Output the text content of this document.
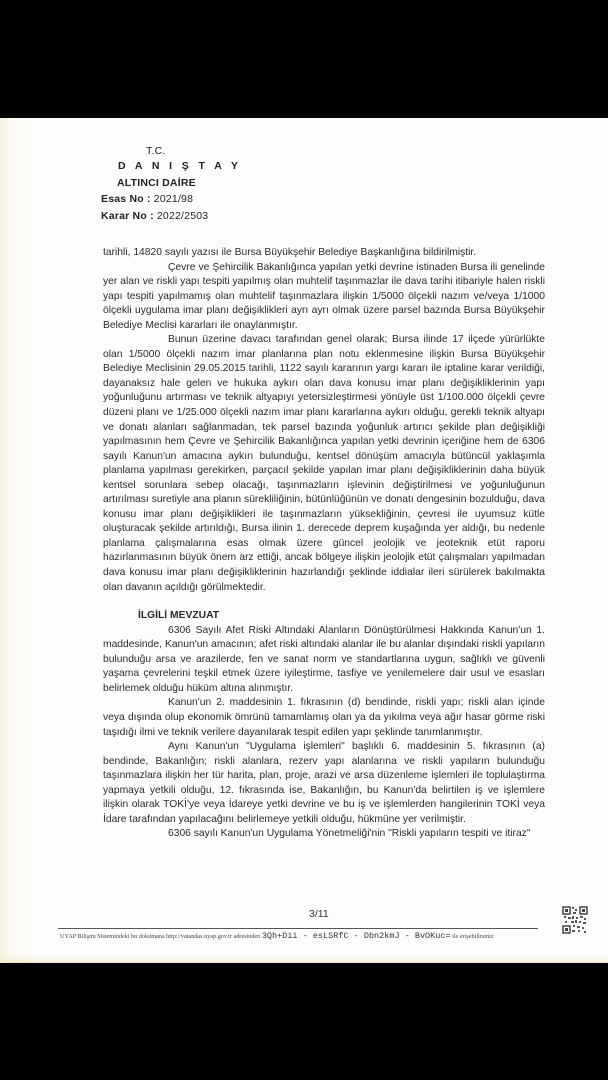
T.C.
D A N I Ş T A Y
ALTINCI DAİRE
Esas No : 2021/98
Karar No : 2022/2503

tarihli, 14820 sayılı yazısı ile Bursa Büyükşehir Belediye Başkanlığına bildirilmiştir.

Çevre ve Şehircilik Bakanlığınca yapılan yetki devrine istinaden Bursa ili genelinde yer alan ve riskli yapı tespiti yapılmış olan muhtelif taşınmazlar ile dava tarihi itibariyle halen riskli yapı tespiti yapılmamış olan muhtelif taşınmazlara ilişkin 1/5000 ölçekli nazım ve/veya 1/1000 ölçekli uygulama imar planı değişiklikleri ayrı ayrı olmak üzere parsel bazında Bursa Büyükşehir Belediye Meclisi kararları ile onaylanmıştır.

Bunun üzerine davacı tarafından genel olarak; Bursa ilinde 17 ilçede yürürlükte olan 1/5000 ölçekli nazım imar planlarına plan notu eklenmesine ilişkin Bursa Büyükşehir Belediye Meclisinin 29.05.2015 tarihli, 1122 sayılı kararının yargı kararı ile iptaline karar verildiği, dayanaksız hale gelen ve hukuka aykırı olan dava konusu imar planı değişikliklerinin yapı yoğunluğunu artırması ve teknik altyapıyı yetersizleştirmesi yönüyle üst 1/100.000 ölçekli çevre düzeni planı ve 1/25.000 ölçekli nazım imar planı kararlarına aykırı olduğu, gerekli teknik altyapı ve donatı alanları sağlanmadan, tek parsel bazında yoğunluk artırıcı şekilde plan değişikliği yapılmasının hem Çevre ve Şehircilik Bakanlığınca yapılan yetki devrinin içeriğine hem de 6306 sayılı Kanun'un amacına aykırı bulunduğu, kentsel dönüşüm amacıyla bütüncül yaklaşımla planlama yapılması gerekirken, parçacıl şekilde yapılan imar planı değişikliklerinin daha büyük kentsel sorunlara sebep olacağı, taşınmazların işlevinin değiştirilmesi ve yoğunluğunun artırılması suretiyle ana planın sürekliliğinin, bütünlüğünün ve donatı dengesinin bozulduğu, dava konusu imar planı değişiklikleri ile taşınmazların yüksekliğinin, çevresi ile uyumsuz kütle oluşturacak şekilde artırıldığı, Bursa ilinin 1. derecede deprem kuşağında yer aldığı, bu nedenle planlama çalışmalarına esas olmak üzere güncel jeolojik ve jeoteknik etüt raporu hazırlanmasının büyük önem arz ettiği, ancak bölgeye ilişkin jeolojik etüt çalışmaları yapılmadan dava konusu imar planı değişikliklerinin hazırlandığı şeklinde iddialar ileri sürülerek bakılmakta olan davanın açıldığı görülmektedir.

İLGİLİ MEVZUAT

6306 Sayılı Afet Riski Altındaki Alanların Dönüştürülmesi Hakkında Kanun'un 1. maddesinde, Kanun'un amacının; afet riski altındaki alanlar ile bu alanlar dışındaki riskli yapıların bulunduğu arsa ve arazilerde, fen ve sanat norm ve standartlarına uygun, sağlıklı ve güvenli yaşama çevrelerini teşkil etmek üzere iyileştirme, tasfiye ve yenilemelere dair usul ve esasları belirlemek olduğu hüküm altına alınmıştır.

Kanun'un 2. maddesinin 1. fıkrasının (d) bendinde, riskli yapı; riskli alan içinde veya dışında olup ekonomik ömrünü tamamlamış olan ya da yıkılma veya ağır hasar görme riski taşıdığı ilmi ve teknik verilere dayanılarak tespit edilen yapı şeklinde tanımlanmıştır.

Aynı Kanun'un "Uygulama işlemleri" başlıklı 6. maddesinin 5. fıkrasının (a) bendinde, Bakanlığın; riskli alanlara, rezerv yapı alanlarına ve riskli yapıların bulunduğu taşınmazlara ilişkin her tür harita, plan, proje, arazi ve arsa düzenleme işlemleri ile toplulaştırma yapmaya yetkili olduğu, 12. fıkrasında ise, Bakanlığın, bu Kanun'da belirtilen iş ve işlemlere ilişkin olarak TOKİ'ye veya İdareye yetki devrine ve bu iş ve işlemlerden hangilerinin TOKİ veya İdare tarafından yapılacağını belirlemeye yetkili olduğu, hükmüne yer verilmiştir.

6306 sayılı Kanun'un Uygulama Yönetmeliği'nin "Riskli yapıların tespiti ve itiraz"

3/11
UYAP Bilişim Sistemindeki bu dokümana http://vatandas.uyap.gov.tr adresinden 3Qh+Dii - esLSRfC - Dbn2kmJ - BvOKuc= ile erişebilirsiniz
